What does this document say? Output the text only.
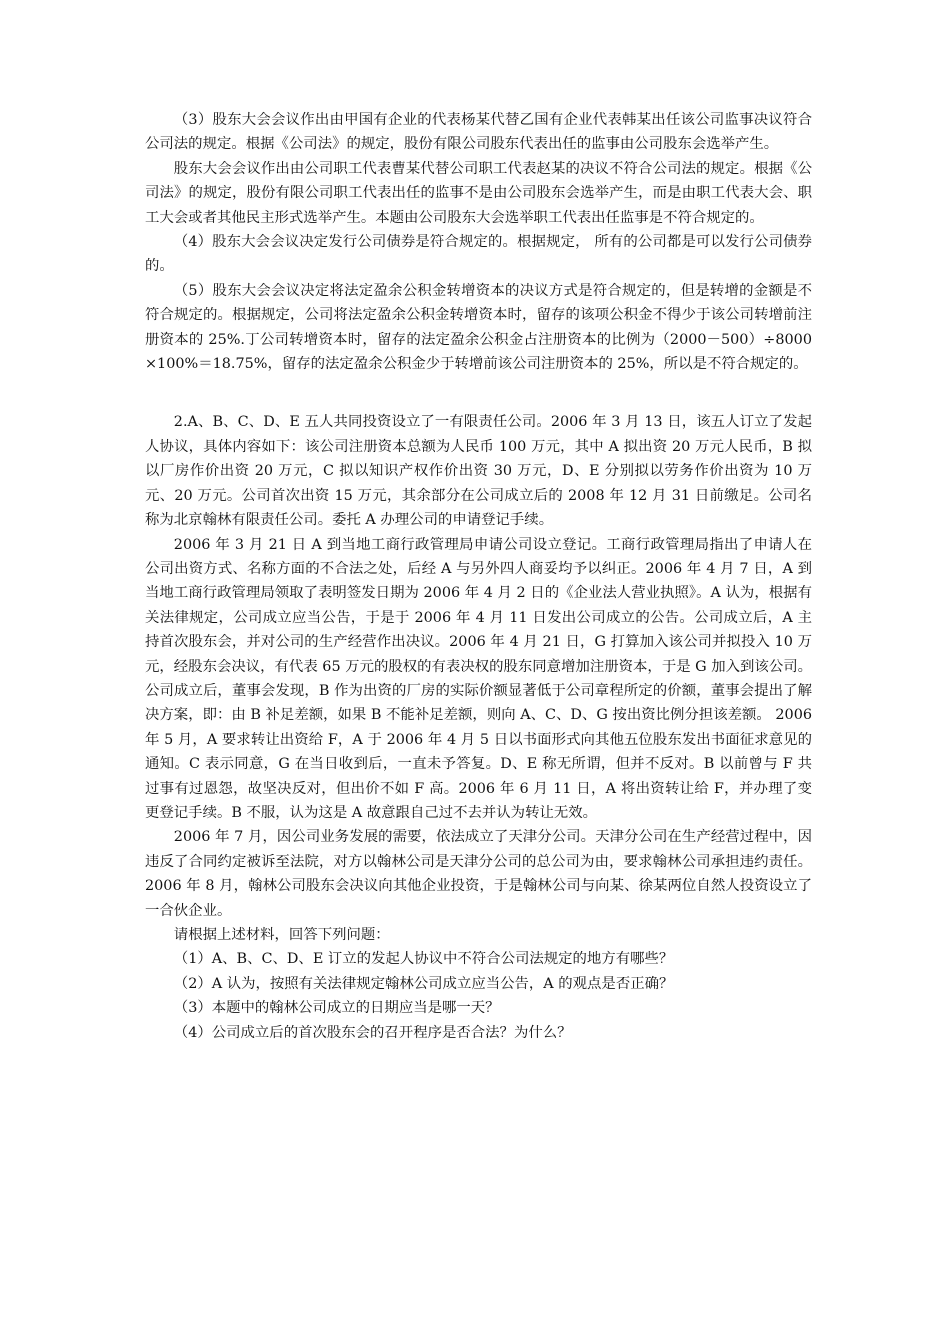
（3）股东大会会议作出由甲国有企业的代表杨某代替乙国有企业代表韩某出任该公司监事决议符合公司法的规定。根据《公司法》的规定，股份有限公司股东代表出任的监事由公司股东会选举产生。

股东大会会议作出由公司职工代表曹某代替公司职工代表赵某的决议不符合公司法的规定。根据《公司法》的规定，股份有限公司职工代表出任的监事不是由公司股东会选举产生，而是由职工代表大会、职工大会或者其他民主形式选举产生。本题由公司股东大会选举职工代表出任监事是不符合规定的。

（4）股东大会会议决定发行公司债券是符合规定的。根据规定， 所有的公司都是可以发行公司债券的。

（5）股东大会会议决定将法定盈余公积金转增资本的决议方式是符合规定的，但是转增的金额是不符合规定的。根据规定，公司将法定盈余公积金转增资本时，留存的该项公积金不得少于该公司转增前注册资本的 25%.丁公司转增资本时，留存的法定盈余公积金占注册资本的比例为（2000－500）÷8000×100%＝18.75%，留存的法定盈余公积金少于转增前该公司注册资本的 25%，所以是不符合规定的。

2.A、B、C、D、E 五人共同投资设立了一有限责任公司。2006 年 3 月 13 日，该五人订立了发起人协议，具体内容如下：该公司注册资本总额为人民币 100 万元，其中 A 拟出资 20 万元人民币，B 拟以厂房作价出资 20 万元，C 拟以知识产权作价出资 30 万元，D、E 分别拟以劳务作价出资为 10 万元、20 万元。公司首次出资 15 万元，其余部分在公司成立后的 2008 年 12 月 31 日前缴足。公司名称为北京翰林有限责任公司。委托 A 办理公司的申请登记手续。

2006 年 3 月 21 日 A 到当地工商行政管理局申请公司设立登记。工商行政管理局指出了申请人在公司出资方式、名称方面的不合法之处，后经 A 与另外四人商妥均予以纠正。2006 年 4 月 7 日，A 到当地工商行政管理局领取了表明签发日期为 2006 年 4 月 2 日的《企业法人营业执照》。A 认为，根据有关法律规定，公司成立应当公告，于是于 2006 年 4 月 11 日发出公司成立的公告。公司成立后，A 主持首次股东会，并对公司的生产经营作出决议。2006 年 4 月 21 日，G 打算加入该公司并拟投入 10 万元，经股东会决议，有代表 65 万元的股权的有表决权的股东同意增加注册资本，于是 G 加入到该公司。公司成立后，董事会发现，B 作为出资的厂房的实际价额显著低于公司章程所定的价额，董事会提出了解决方案，即：由 B 补足差额，如果 B 不能补足差额，则向 A、C、D、G 按出资比例分担该差额。 2006 年 5 月，A 要求转让出资给 F，A 于 2006 年 4 月 5 日以书面形式向其他五位股东发出书面征求意见的通知。C 表示同意，G 在当日收到后，一直未予答复。D、E 称无所谓，但并不反对。B 以前曾与 F 共过事有过恩怨，故坚决反对，但出价不如 F 高。2006 年 6 月 11 日，A 将出资转让给 F，并办理了变更登记手续。B 不服，认为这是 A 故意跟自己过不去并认为转让无效。

2006 年 7 月，因公司业务发展的需要，依法成立了天津分公司。天津分公司在生产经营过程中，因违反了合同约定被诉至法院，对方以翰林公司是天津分公司的总公司为由，要求翰林公司承担违约责任。 2006 年 8 月，翰林公司股东会决议向其他企业投资，于是翰林公司与向某、徐某两位自然人投资设立了一合伙企业。

请根据上述材料，回答下列问题：

（1）A、B、C、D、E 订立的发起人协议中不符合公司法规定的地方有哪些？

（2）A 认为，按照有关法律规定翰林公司成立应当公告，A 的观点是否正确？

（3）本题中的翰林公司成立的日期应当是哪一天？

（4）公司成立后的首次股东会的召开程序是否合法？为什么？
